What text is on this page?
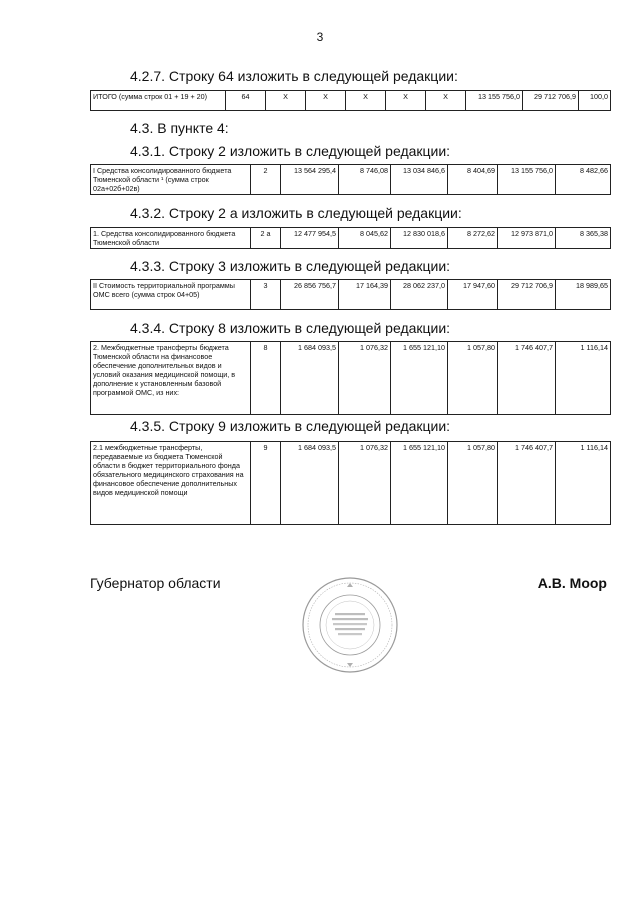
3
4.2.7. Строку 64 изложить в следующей редакции:
ИТОГО (сумма строк 01 + 19 + 20)	64	Х	Х	Х	Х	Х	13 155 756,0	29 712 706,9	100,0
4.3. В пункте 4:
4.3.1. Строку 2 изложить в следующей редакции:
I Средства консолидированного бюджета Тюменской области ¹ (сумма строк 02а+02б+02в)	2	13 564 295,4	8 746,08	13 034 846,6	8 404,69	13 155 756,0	8 482,66
4.3.2. Строку 2 а изложить в следующей редакции:
1. Средства консолидированного бюджета Тюменской области	2 а	12 477 954,5	8 045,62	12 830 018,6	8 272,62	12 973 871,0	8 365,38
4.3.3. Строку 3 изложить в следующей редакции:
II Стоимость территориальной программы ОМС всего (сумма строк 04+05)	3	26 856 756,7	17 164,39	28 062 237,0	17 947,60	29 712 706,9	18 989,65
4.3.4. Строку 8 изложить в следующей редакции:
2. Межбюджетные трансферты бюджета Тюменской области на финансовое обеспечение дополнительных видов и условий оказания медицинской помощи, в дополнение к установленным базовой программой ОМС, из них:	8	1 684 093,5	1 076,32	1 655 121,10	1 057,80	1 746 407,7	1 116,14
4.3.5. Строку 9 изложить в следующей редакции:
2.1 межбюджетные трансферты, передаваемые из бюджета Тюменской области в бюджет территориального фонда обязательного медицинского страхования на финансовое обеспечение дополнительных видов медицинской помощи	9	1 684 093,5	1 076,32	1 655 121,10	1 057,80	1 746 407,7	1 116,14
Губернатор области	А.В. Моор
